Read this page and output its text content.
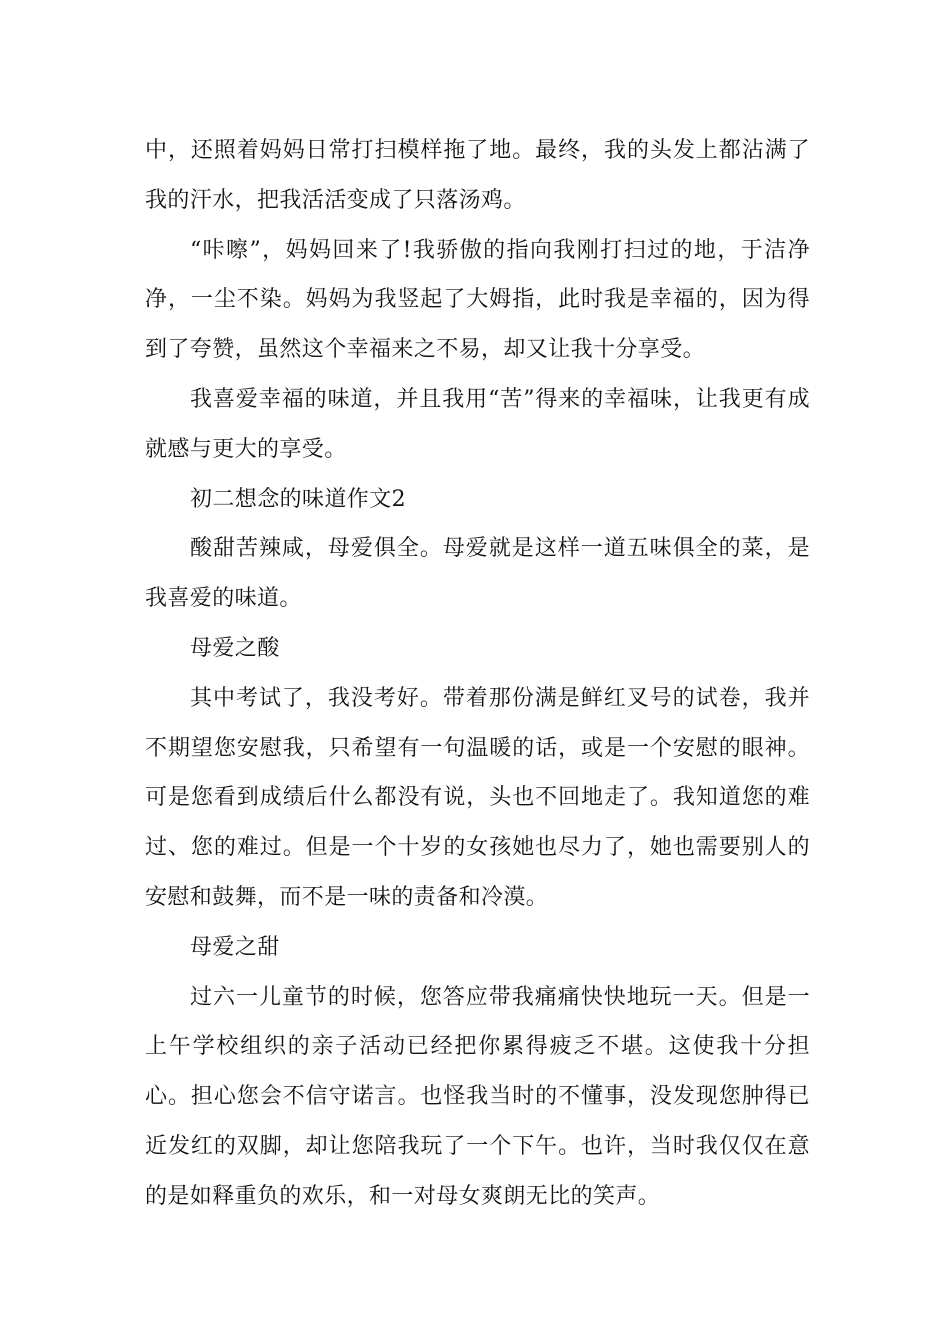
中，还照着妈妈日常打扫模样拖了地。最终，我的头发上都沾满了我的汗水，把我活活变成了只落汤鸡。

“咔嚓”，妈妈回来了!我骄傲的指向我刚打扫过的地，于洁净净，一尘不染。妈妈为我竖起了大姆指，此时我是幸福的，因为得到了夸赞，虽然这个幸福来之不易，却又让我十分享受。

我喜爱幸福的味道，并且我用“苦”得来的幸福味，让我更有成就感与更大的享受。

初二想念的味道作文2

酸甜苦辣咸，母爱俱全。母爱就是这样一道五味俱全的菜，是我喜爱的味道。

母爱之酸

其中考试了，我没考好。带着那份满是鲜红叉号的试卷，我并不期望您安慰我，只希望有一句温暖的话，或是一个安慰的眼神。可是您看到成绩后什么都没有说，头也不回地走了。我知道您的难过、您的难过。但是一个十岁的女孩她也尽力了，她也需要别人的安慰和鼓舞，而不是一味的责备和冷漠。

母爱之甜

过六一儿童节的时候，您答应带我痛痛快快地玩一天。但是一上午学校组织的亲子活动已经把你累得疲乏不堪。这使我十分担心。担心您会不信守诺言。也怪我当时的不懂事，没发现您肿得已近发红的双脚，却让您陪我玩了一个下午。也许，当时我仅仅在意的是如释重负的欢乐，和一对母女爽朗无比的笑声。
